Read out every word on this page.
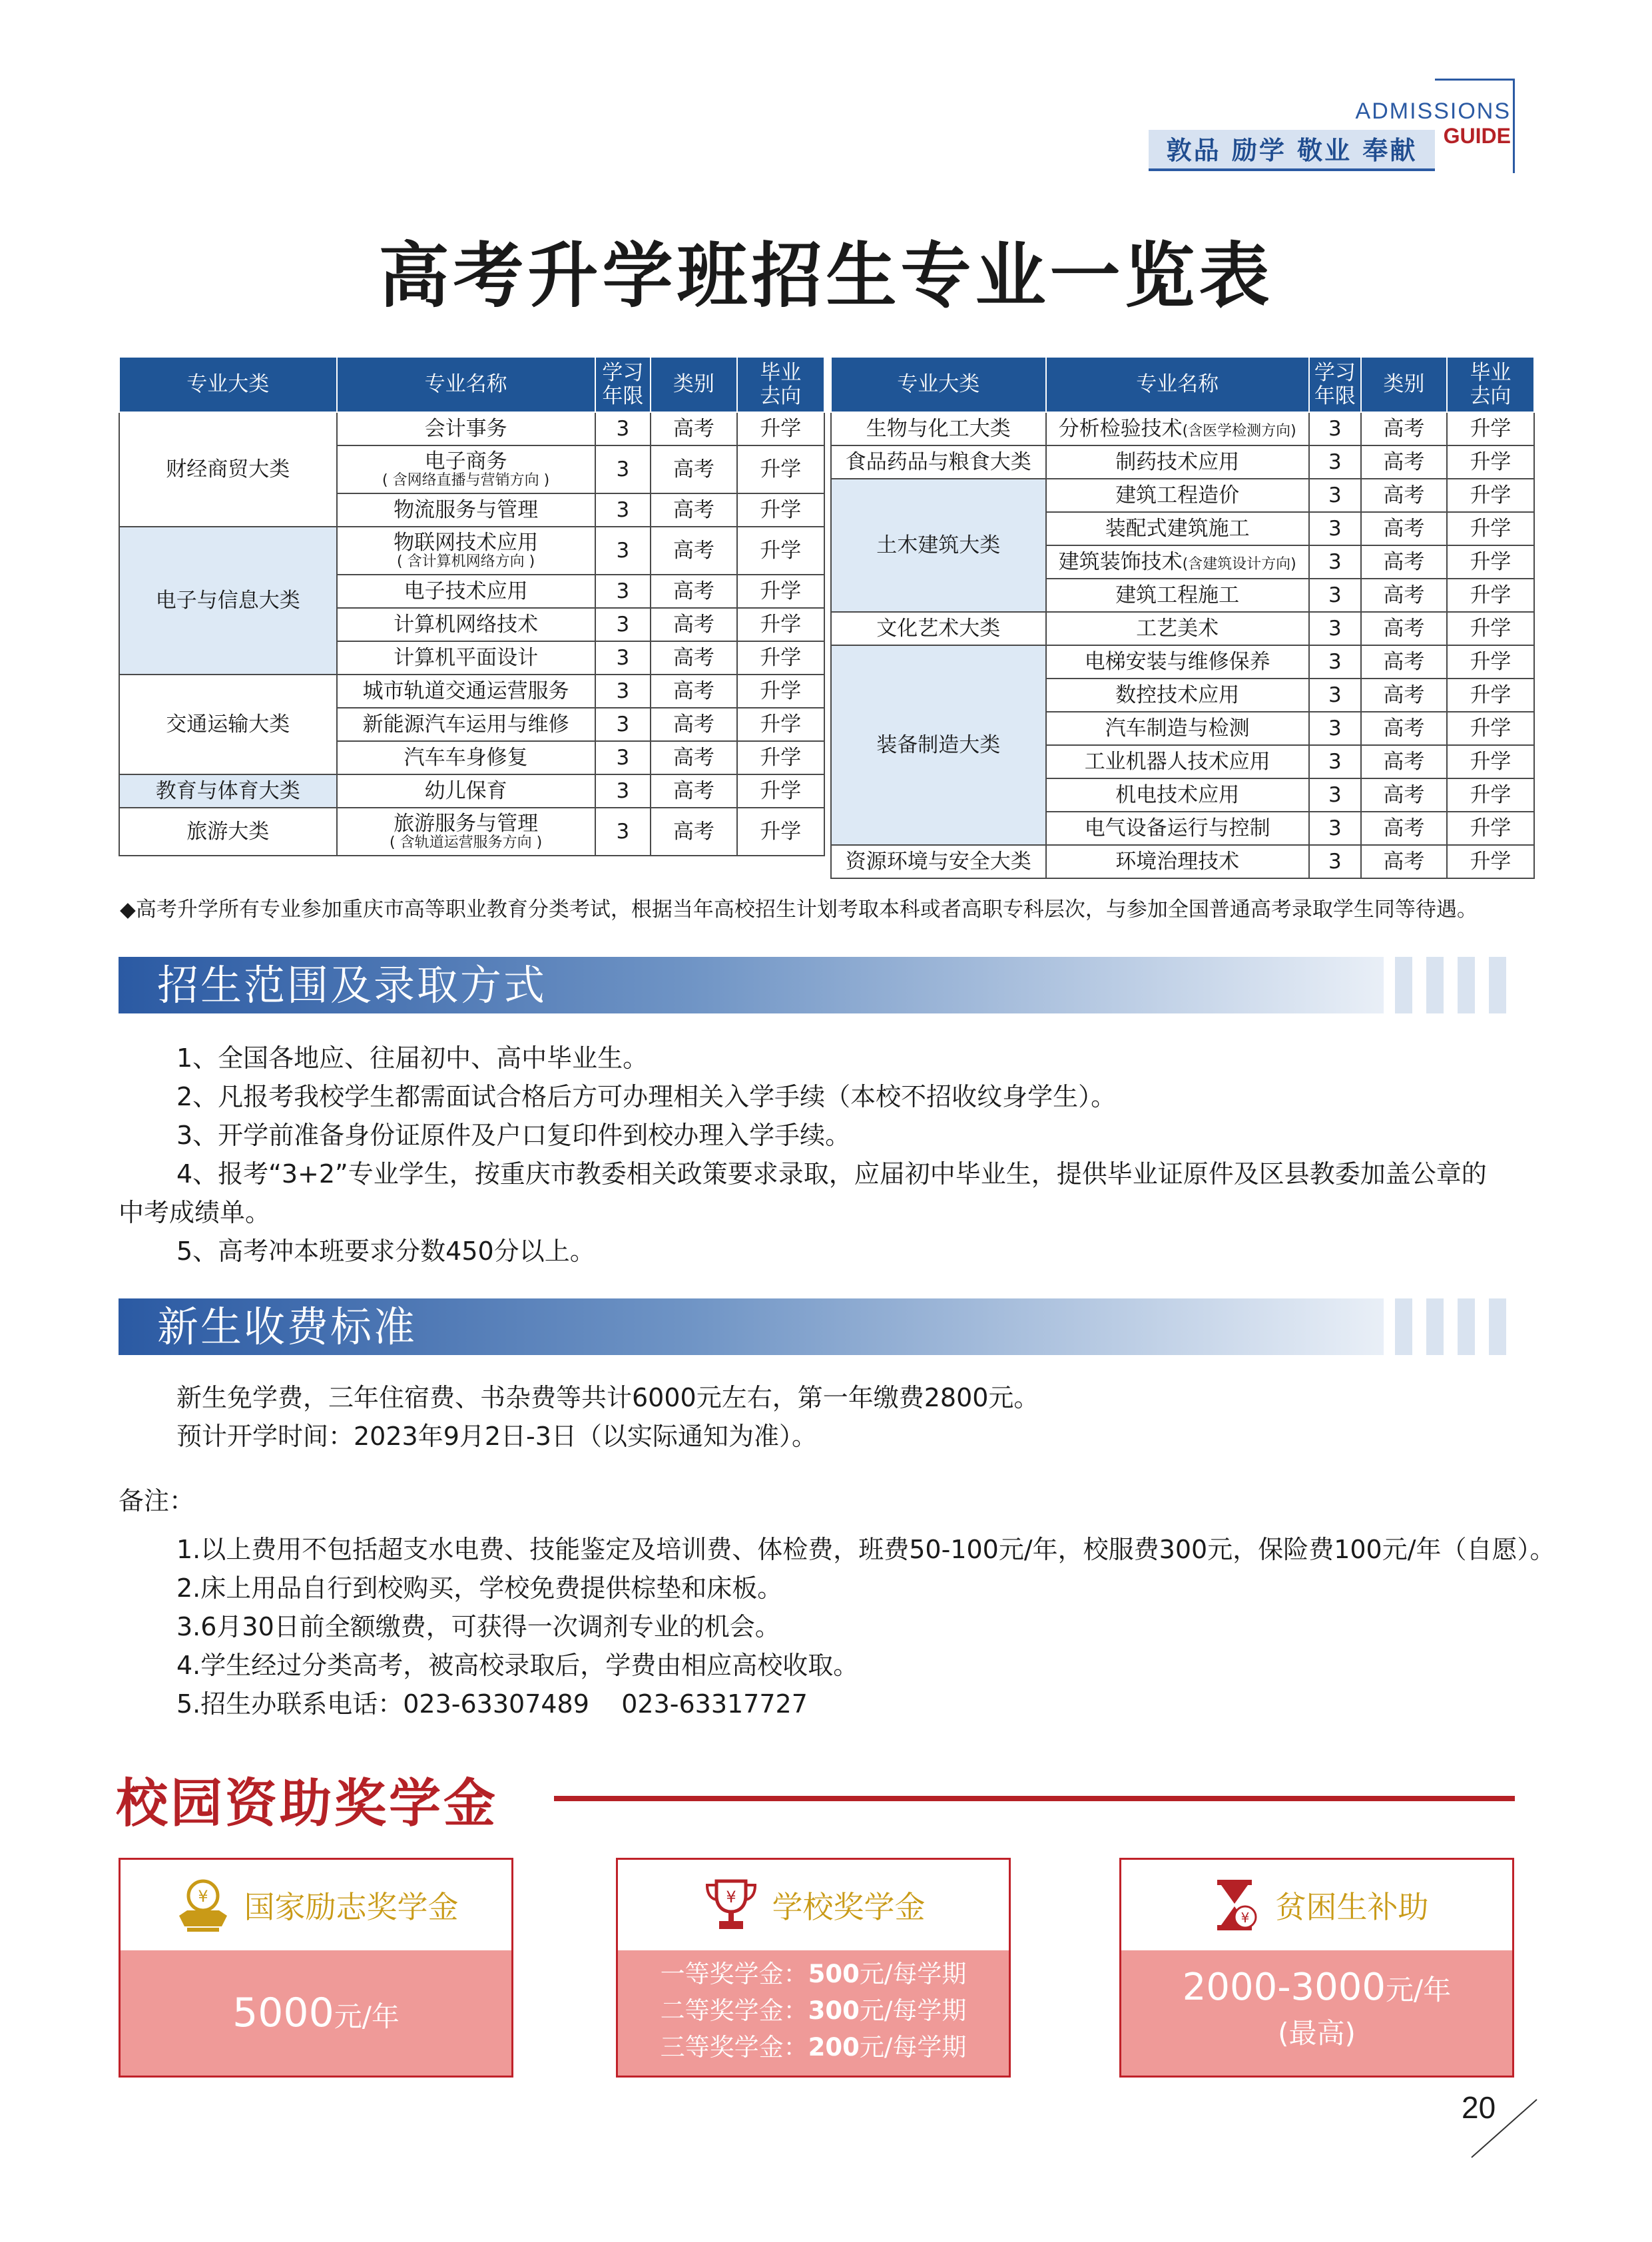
ADMISSIONS
GUIDE
敦品 励学 敬业 奉献
高考升学班招生专业一览表
专业大类	专业名称	学习
年限	类别	毕业
去向

财经商贸大类	会计事务	3	高考	升学
	电子商务
( 含网络直播与营销方向 )	3	高考	升学
	物流服务与管理	3	高考	升学
电子与信息大类	物联网技术应用
( 含计算机网络方向 )	3	高考	升学
	电子技术应用	3	高考	升学
	计算机网络技术	3	高考	升学
	计算机平面设计	3	高考	升学
交通运输大类	城市轨道交通运营服务	3	高考	升学
	新能源汽车运用与维修	3	高考	升学
	汽车车身修复	3	高考	升学
教育与体育大类	幼儿保育	3	高考	升学
旅游大类	旅游服务与管理
( 含轨道运营服务方向 )	3	高考	升学
专业大类	专业名称	学习
年限	类别	毕业
去向

生物与化工大类	分析检验技术(含医学检测方向)	3	高考	升学
食品药品与粮食大类	制药技术应用	3	高考	升学
土木建筑大类	建筑工程造价	3	高考	升学
	装配式建筑施工	3	高考	升学
	建筑装饰技术(含建筑设计方向)	3	高考	升学
	建筑工程施工	3	高考	升学
文化艺术大类	工艺美术	3	高考	升学
装备制造大类	电梯安装与维修保养	3	高考	升学
	数控技术应用	3	高考	升学
	汽车制造与检测	3	高考	升学
	工业机器人技术应用	3	高考	升学
	机电技术应用	3	高考	升学
	电气设备运行与控制	3	高考	升学
资源环境与安全大类	环境治理技术	3	高考	升学
◆高考升学所有专业参加重庆市高等职业教育分类考试，根据当年高校招生计划考取本科或者高职专科层次，与参加全国普通高考录取学生同等待遇。
招生范围及录取方式
1、全国各地应、往届初中、高中毕业生。
2、凡报考我校学生都需面试合格后方可办理相关入学手续（本校不招收纹身学生）。
3、开学前准备身份证原件及户口复印件到校办理入学手续。
4、报考“3+2”专业学生，按重庆市教委相关政策要求录取，应届初中毕业生，提供毕业证原件及区县教委加盖公章的
中考成绩单。
5、高考冲本班要求分数450分以上。
新生收费标准
新生免学费，三年住宿费、书杂费等共计6000元左右，第一年缴费2800元。
预计开学时间：2023年9月2日-3日（以实际通知为准）。
备注：
1.以上费用不包括超支水电费、技能鉴定及培训费、体检费，班费50-100元/年，校服费300元，保险费100元/年（自愿）。
2.床上用品自行到校购买，学校免费提供棕垫和床板。
3.6月30日前全额缴费，可获得一次调剂专业的机会。
4.学生经过分类高考，被高校录取后，学费由相应高校收取。
5.招生办联系电话：023-63307489    023-63317727
校园资助奖学金
¥ 国家励志奖学金
5000元/年
¥ 学校奖学金
一等奖学金：500元/每学期
二等奖学金：300元/每学期
三等奖学金：200元/每学期
¥ 贫困生补助
2000-3000元/年
(最高)
20
